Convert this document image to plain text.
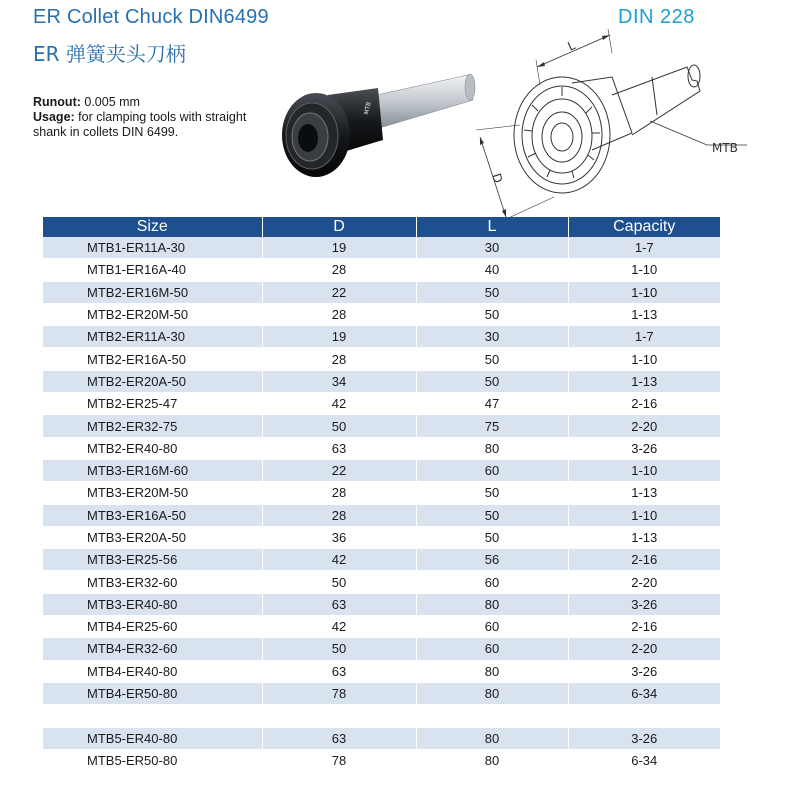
ER Collet Chuck DIN6499
ER 弹簧夹头刀柄
DIN 228
Runout: 0.005 mm
Usage: for clamping tools with straight shank in collets DIN 6499.
MTB
L
D
MTB
Size	D	L	Capacity
MTB1-ER11A-30	19	30	1-7
MTB1-ER16A-40	28	40	1-10
MTB2-ER16M-50	22	50	1-10
MTB2-ER20M-50	28	50	1-13
MTB2-ER11A-30	19	30	1-7
MTB2-ER16A-50	28	50	1-10
MTB2-ER20A-50	34	50	1-13
MTB2-ER25-47	42	47	2-16
MTB2-ER32-75	50	75	2-20
MTB2-ER40-80	63	80	3-26
MTB3-ER16M-60	22	60	1-10
MTB3-ER20M-50	28	50	1-13
MTB3-ER16A-50	28	50	1-10
MTB3-ER20A-50	36	50	1-13
MTB3-ER25-56	42	56	2-16
MTB3-ER32-60	50	60	2-20
MTB3-ER40-80	63	80	3-26
MTB4-ER25-60	42	60	2-16
MTB4-ER32-60	50	60	2-20
MTB4-ER40-80	63	80	3-26
MTB4-ER50-80	78	80	6-34

MTB5-ER40-80	63	80	3-26
MTB5-ER50-80	78	80	6-34
